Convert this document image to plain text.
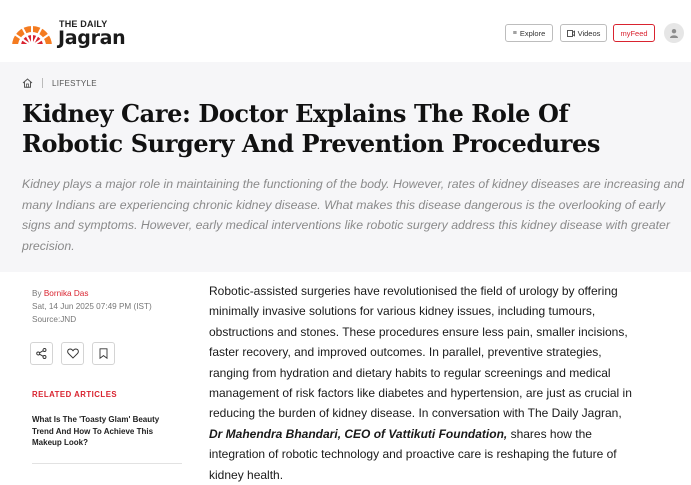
THE DAILY
Jagran	≡ Explore	Videos	myFeed
LIFESTYLE
Kidney Care: Doctor Explains The Role Of Robotic Surgery And Prevention Procedures

Kidney plays a major role in maintaining the functioning of the body. However, rates of kidney diseases are increasing and many Indians are experiencing chronic kidney disease. What makes this disease dangerous is the overlooking of early signs and symptoms. However, early medical interventions like robotic surgery address this kidney disease with greater precision.

By Bornika Das
Sat, 14 Jun 2025 07:49 PM (IST)
Source:JND
RELATED ARTICLES
What Is The 'Toasty Glam' Beauty Trend And How To Achieve This Makeup Look?
Robotic-assisted surgeries have revolutionised the field of urology by offering minimally invasive solutions for various kidney issues, including tumours, obstructions and stones. These procedures ensure less pain, smaller incisions, faster recovery, and improved outcomes. In parallel, preventive strategies, ranging from hydration and dietary habits to regular screenings and medical management of risk factors like diabetes and hypertension, are just as crucial in reducing the burden of kidney disease. In conversation with The Daily Jagran, Dr Mahendra Bhandari, CEO of Vattikuti Foundation, shares how the integration of robotic technology and proactive care is reshaping the future of kidney health.
